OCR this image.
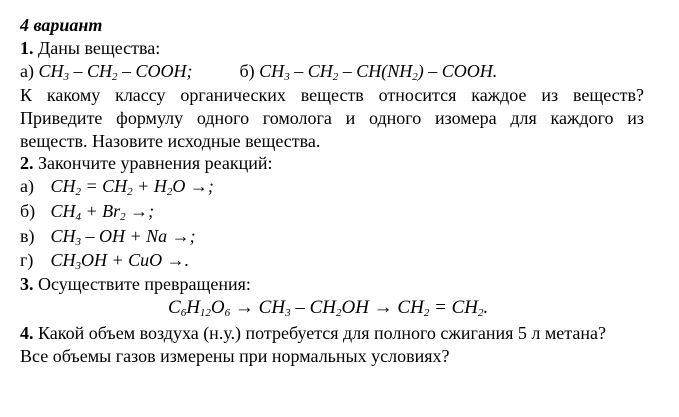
4 вариант
1. Даны вещества:
а) $CH_3 - CH_2$ – COOH;	б) $CH_3 - CH_2 - CH(NH_2)$ – COOH.
К какому классу органических веществ относится каждое из веществ?
Приведите формулу одного гомолога и одного изомера для каждого из
веществ. Назовите исходные вещества.
2. Закончите уравнения реакций:
а) $CH_2 = CH_2 + H_2O$ →;
б) $CH_4 + Br_2$ →;
в) $CH_3$ – OH + Na →;
г) $CH_3OH$ + CuO →.
3. Осуществите превращения:
$C_6H_{12}O_6 \to CH_3 - CH_2OH \to CH_2 = CH_2$.
4. Какой объем воздуха (н.у.) потребуется для полного сжигания 5 л метана?
Все объемы газов измерены при нормальных условиях?
